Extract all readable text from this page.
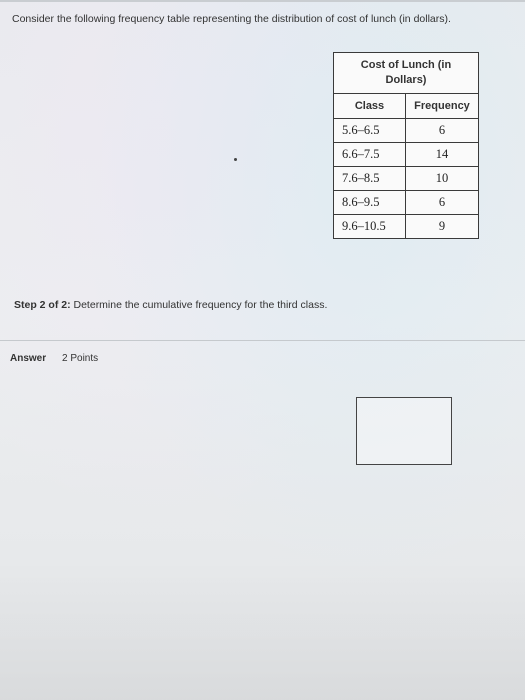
Consider the following frequency table representing the distribution of cost of lunch (in dollars).
Cost of Lunch (in
Dollars)	
Class	Frequency
5.6–6.5	6
6.6–7.5	14
7.6–8.5	10
8.6–9.5	6
9.6–10.5	9
Step 2 of 2: Determine the cumulative frequency for the third class.
Answer 2 Points
